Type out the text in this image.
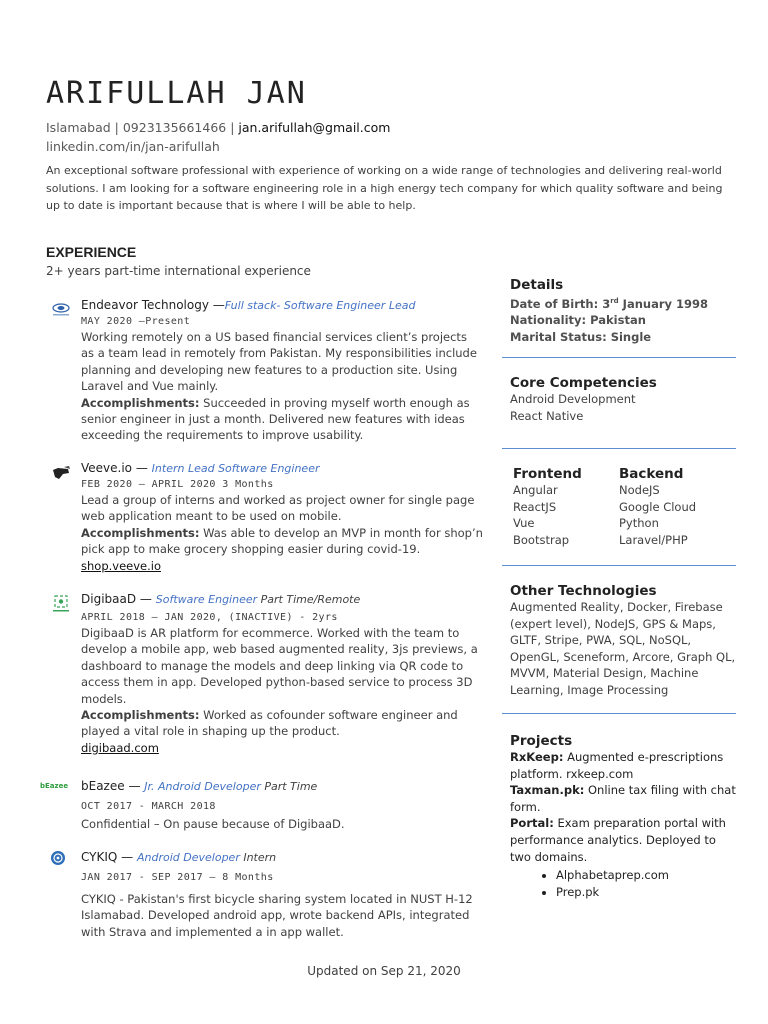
ARIFULLAH JAN
Islamabad | 0923135661466 | jan.arifullah@gmail.com
linkedin.com/in/jan-arifullah
An exceptional software professional with experience of working on a wide range of technologies and delivering real-world solutions. I am looking for a software engineering role in a high energy tech company for which quality software and being up to date is important because that is where I will be able to help.
EXPERIENCE
2+ years part-time international experience
Endeavor Technology —Full stack- Software Engineer Lead
MAY 2020 –Present
Working remotely on a US based financial services client’s projects as a team lead in remotely from Pakistan. My responsibilities include planning and developing new features to a production site. Using Laravel and Vue mainly.
Accomplishments: Succeeded in proving myself worth enough as senior engineer in just a month. Delivered new features with ideas exceeding the requirements to improve usability.
Veeve.io — Intern Lead Software Engineer
FEB 2020 – APRIL 2020 3 Months
Lead a group of interns and worked as project owner for single page web application meant to be used on mobile.
Accomplishments: Was able to develop an MVP in month for shop’n pick app to make grocery shopping easier during covid-19.
shop.veeve.io
DigibaaD — Software Engineer Part Time/Remote
APRIL 2018 – JAN 2020, (INACTIVE) - 2yrs
DigibaaD is AR platform for ecommerce. Worked with the team to develop a mobile app, web based augmented reality, 3js previews, a dashboard to manage the models and deep linking via QR code to access them in app. Developed python-based service to process 3D models.
Accomplishments: Worked as cofounder software engineer and played a vital role in shaping up the product.
digibaad.com
bEazee bEazee — Jr. Android Developer Part Time
OCT 2017 - MARCH 2018
Confidential – On pause because of DigibaaD.
CYKIQ — Android Developer Intern
JAN 2017 - SEP 2017 – 8 Months
CYKIQ - Pakistan's first bicycle sharing system located in NUST H-12 Islamabad. Developed android app, wrote backend APIs, integrated with Strava and implemented a in app wallet.
Details
Date of Birth: 3rd January 1998
Nationality: Pakistan
Marital Status: Single
Core Competencies
Android Development
React Native
Frontend
Angular
ReactJS
Vue
Bootstrap
Backend
NodeJS
Google Cloud
Python
Laravel/PHP
Other Technologies
Augmented Reality, Docker, Firebase (expert level), NodeJS, GPS & Maps, GLTF, Stripe, PWA, SQL, NoSQL, OpenGL, Sceneform, Arcore, Graph QL, MVVM, Material Design, Machine Learning, Image Processing
Projects
RxKeep: Augmented e-prescriptions platform. rxkeep.com
Taxman.pk: Online tax filing with chat form.
Portal: Exam preparation portal with performance analytics. Deployed to two domains.
• Alphabetaprep.com
• Prep.pk
Updated on Sep 21, 2020
